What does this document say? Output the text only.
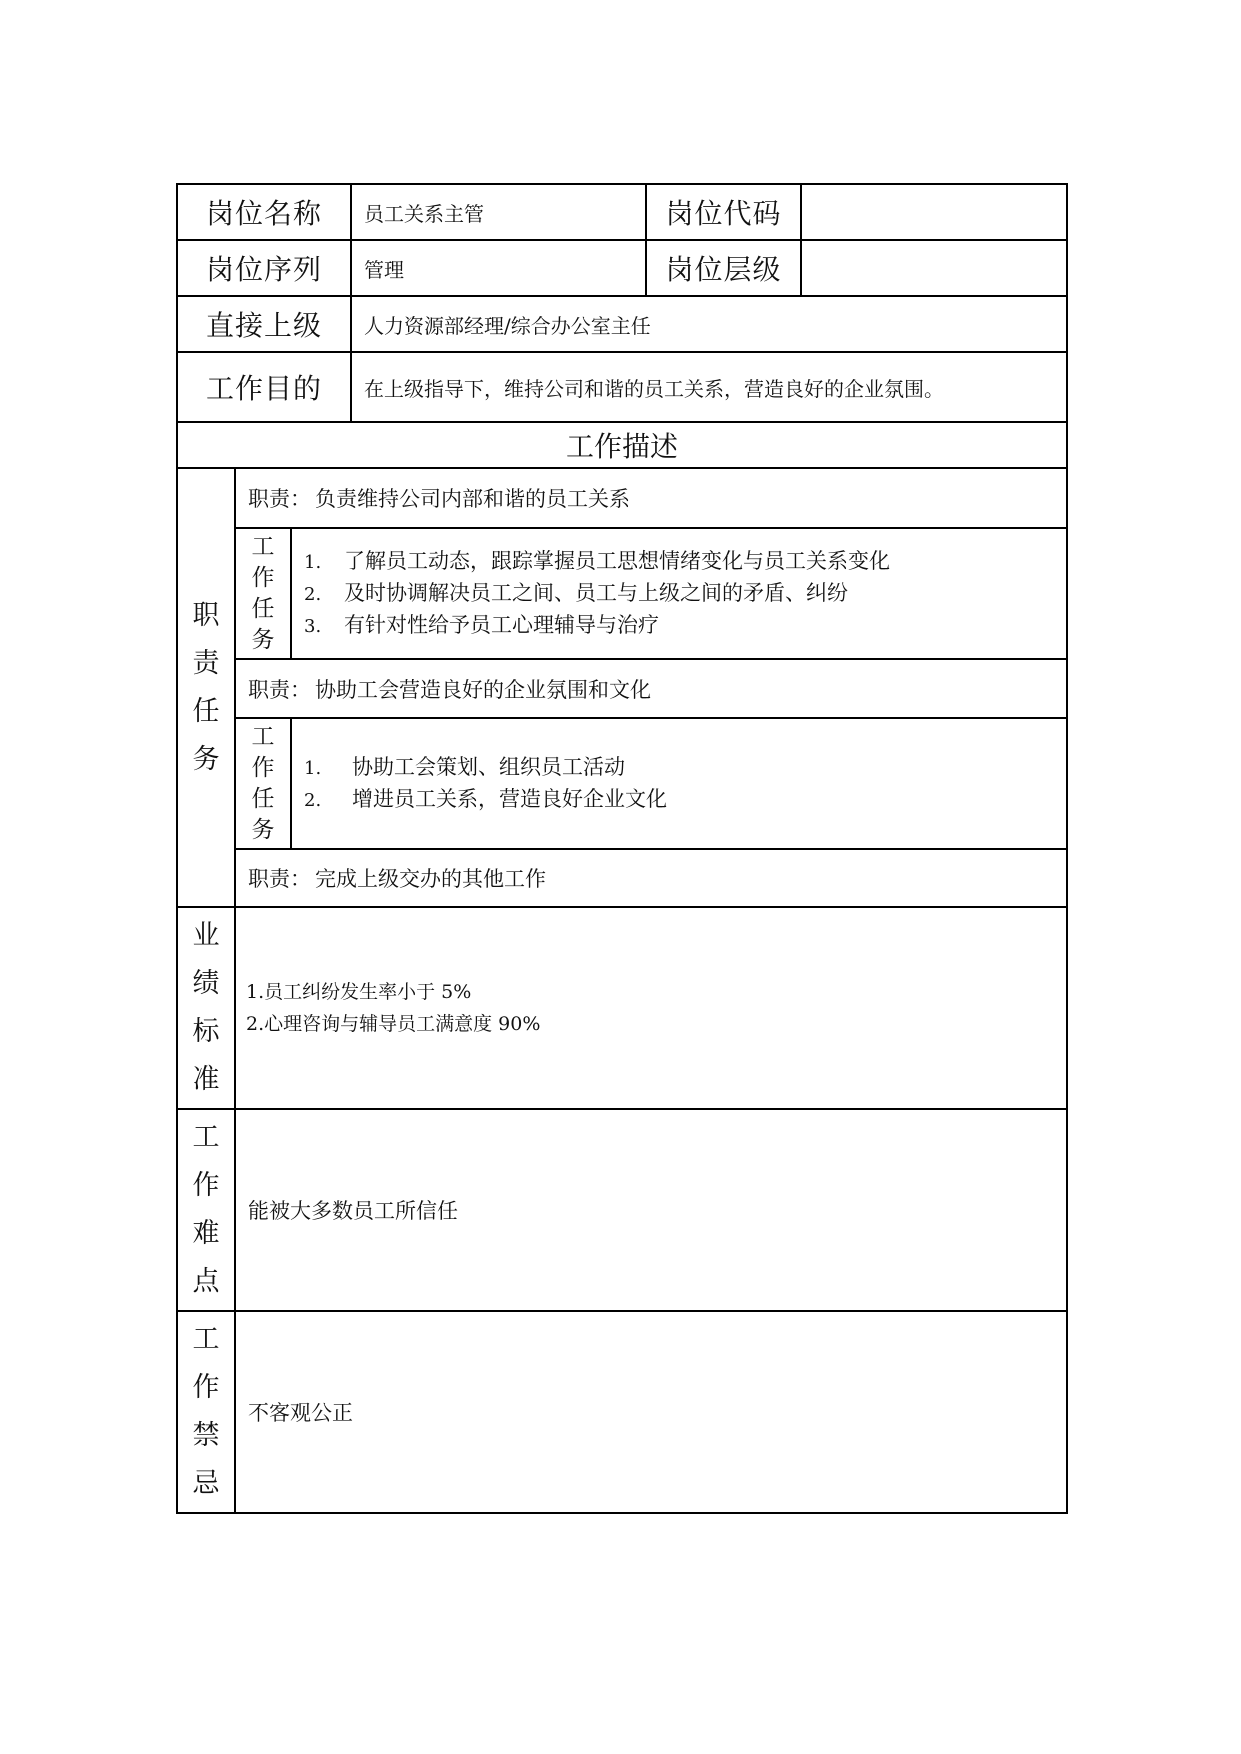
岗位名称			员工关系主管	岗位代码	
岗位序列			管理	岗位层级	
直接上级			人力资源部经理/综合办公室主任		
工作目的			在上级指导下，维持公司和谐的员工关系，营造良好的企业氛围。		
工作描述					

职
责
任
务	职责： 负责维持公司内部和谐的员工关系				

	工
作
任
务	1. 了解员工动态，跟踪掌握员工思想情绪变化与员工关系变化
2. 及时协调解决员工之间、员工与上级之间的矛盾、纠纷
3. 有针对性给予员工心理辅导与治疗			

	职责： 协助工会营造良好的企业氛围和文化				

	工
作
任
务	1. 协助工会策划、组织员工活动
2. 增进员工关系，营造良好企业文化			

	职责： 完成上级交办的其他工作				

业
绩
标
准	1.员工纠纷发生率小于 5%
2.心理咨询与辅导员工满意度 90%				

工
作
难
点	能被大多数员工所信任				

工
作
禁
忌	不客观公正				
